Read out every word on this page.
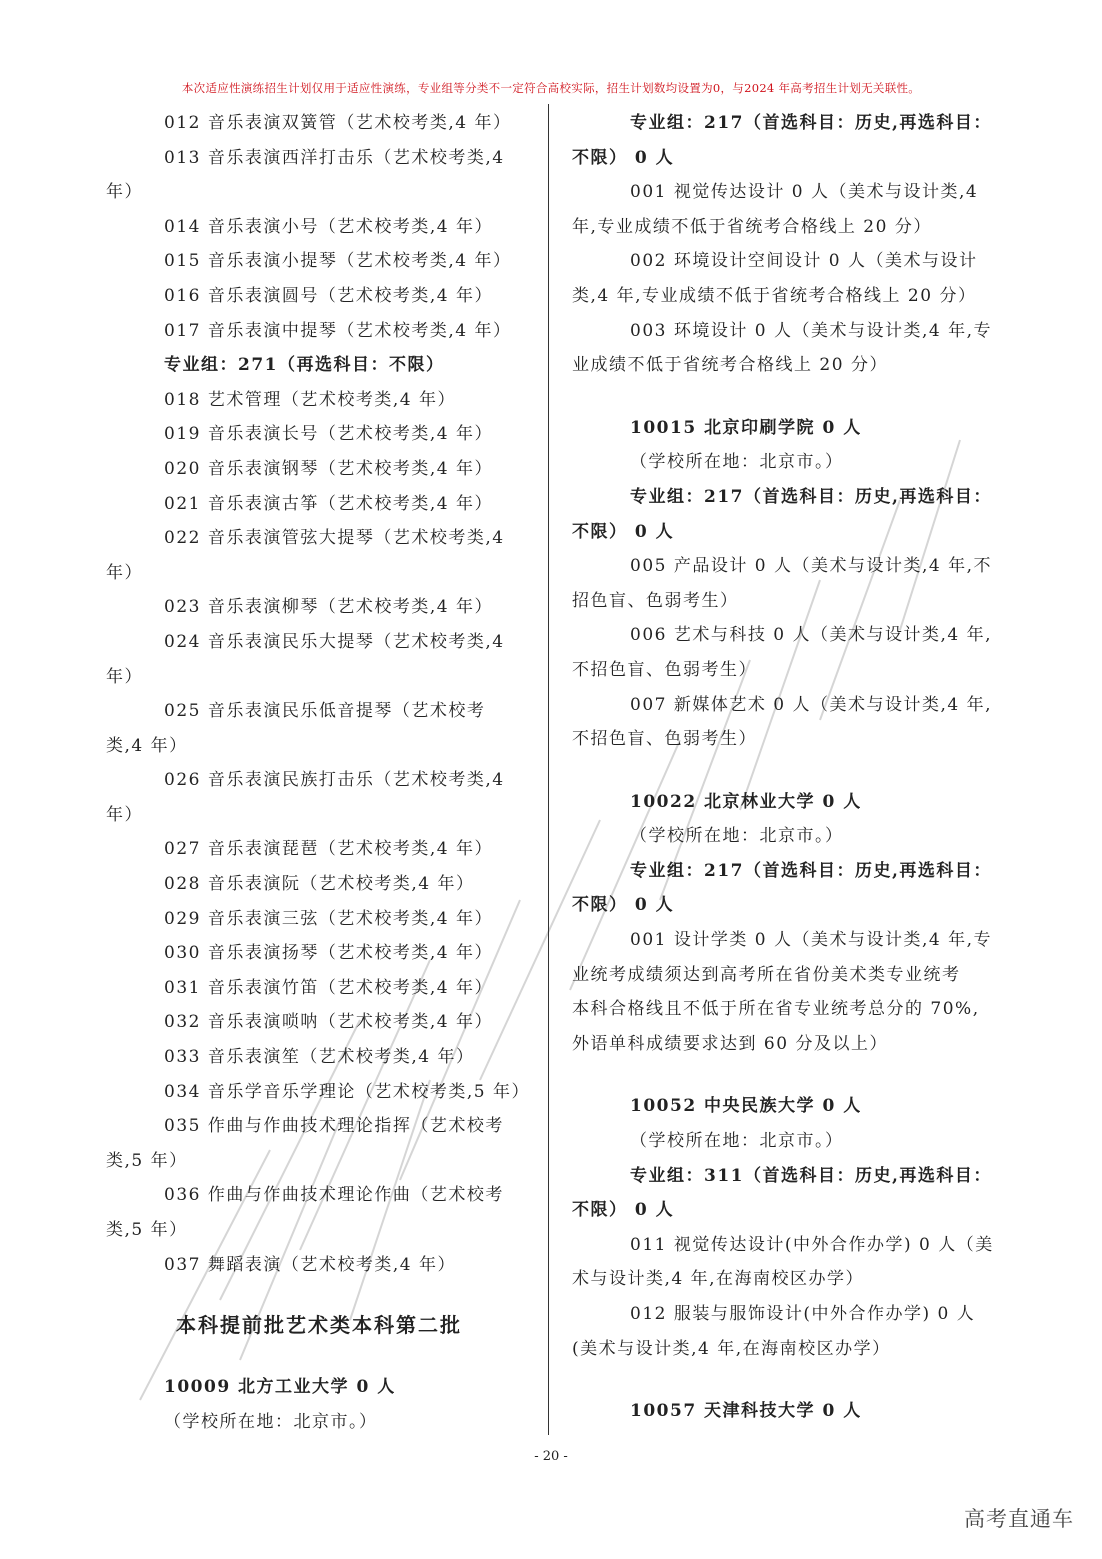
本次适应性演练招生计划仅用于适应性演练，专业组等分类不一定符合高校实际，招生计划数均设置为0，与2024 年高考招生计划无关联性。
012 音乐表演双簧管（艺术校考类,4 年）
013 音乐表演西洋打击乐（艺术校考类,4
年）
014 音乐表演小号（艺术校考类,4 年）
015 音乐表演小提琴（艺术校考类,4 年）
016 音乐表演圆号（艺术校考类,4 年）
017 音乐表演中提琴（艺术校考类,4 年）
专业组：271（再选科目：不限）
018 艺术管理（艺术校考类,4 年）
019 音乐表演长号（艺术校考类,4 年）
020 音乐表演钢琴（艺术校考类,4 年）
021 音乐表演古筝（艺术校考类,4 年）
022 音乐表演管弦大提琴（艺术校考类,4
年）
023 音乐表演柳琴（艺术校考类,4 年）
024 音乐表演民乐大提琴（艺术校考类,4
年）
025 音乐表演民乐低音提琴（艺术校考
类,4 年）
026 音乐表演民族打击乐（艺术校考类,4
年）
027 音乐表演琵琶（艺术校考类,4 年）
028 音乐表演阮（艺术校考类,4 年）
029 音乐表演三弦（艺术校考类,4 年）
030 音乐表演扬琴（艺术校考类,4 年）
031 音乐表演竹笛（艺术校考类,4 年）
032 音乐表演唢呐（艺术校考类,4 年）
033 音乐表演笙（艺术校考类,4 年）
034 音乐学音乐学理论（艺术校考类,5 年）
035 作曲与作曲技术理论指挥（艺术校考
类,5 年）
036 作曲与作曲技术理论作曲（艺术校考
类,5 年）
037 舞蹈表演（艺术校考类,4 年）
本科提前批艺术类本科第二批
10009 北方工业大学 0 人
（学校所在地：北京市。）
专业组：217（首选科目：历史,再选科目：
不限） 0 人
001 视觉传达设计 0 人（美术与设计类,4
年,专业成绩不低于省统考合格线上 20 分）
002 环境设计空间设计 0 人（美术与设计
类,4 年,专业成绩不低于省统考合格线上 20 分）
003 环境设计 0 人（美术与设计类,4 年,专
业成绩不低于省统考合格线上 20 分）
10015 北京印刷学院 0 人
（学校所在地：北京市。）
专业组：217（首选科目：历史,再选科目：
不限） 0 人
005 产品设计 0 人（美术与设计类,4 年,不
招色盲、色弱考生）
006 艺术与科技 0 人（美术与设计类,4 年,
不招色盲、色弱考生）
007 新媒体艺术 0 人（美术与设计类,4 年,
不招色盲、色弱考生）
10022 北京林业大学 0 人
（学校所在地：北京市。）
专业组：217（首选科目：历史,再选科目：
不限） 0 人
001 设计学类 0 人（美术与设计类,4 年,专
业统考成绩须达到高考所在省份美术类专业统考
本科合格线且不低于所在省专业统考总分的 70%,
外语单科成绩要求达到 60 分及以上）
10052 中央民族大学 0 人
（学校所在地：北京市。）
专业组：311（首选科目：历史,再选科目：
不限） 0 人
011 视觉传达设计(中外合作办学) 0 人（美
术与设计类,4 年,在海南校区办学）
012 服装与服饰设计(中外合作办学) 0 人
(美术与设计类,4 年,在海南校区办学）
10057 天津科技大学 0 人
- 20 -
高考直通车
